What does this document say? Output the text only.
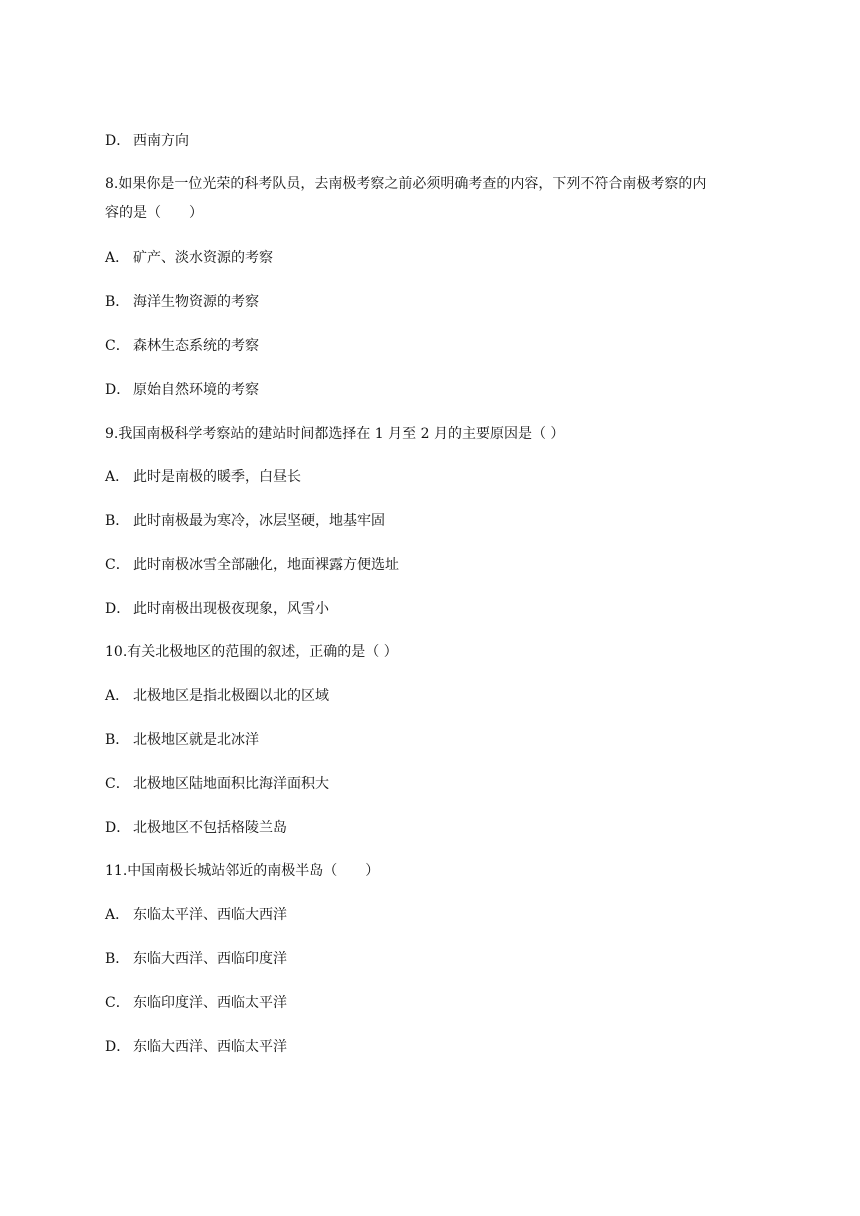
D． 西南方向
8.如果你是一位光荣的科考队员，去南极考察之前必须明确考查的内容，下列不符合南极考察的内
容的是（　　）
A． 矿产、淡水资源的考察
B． 海洋生物资源的考察
C． 森林生态系统的考察
D． 原始自然环境的考察
9.我国南极科学考察站的建站时间都选择在 1 月至 2 月的主要原因是（ ）
A． 此时是南极的暖季，白昼长
B． 此时南极最为寒冷，冰层坚硬，地基牢固
C． 此时南极冰雪全部融化，地面裸露方便选址
D． 此时南极出现极夜现象，风雪小
10.有关北极地区的范围的叙述，正确的是（ ）
A． 北极地区是指北极圈以北的区域
B． 北极地区就是北冰洋
C． 北极地区陆地面积比海洋面积大
D． 北极地区不包括格陵兰岛
11.中国南极长城站邻近的南极半岛（　　）
A． 东临太平洋、西临大西洋
B． 东临大西洋、西临印度洋
C． 东临印度洋、西临太平洋
D． 东临大西洋、西临太平洋
